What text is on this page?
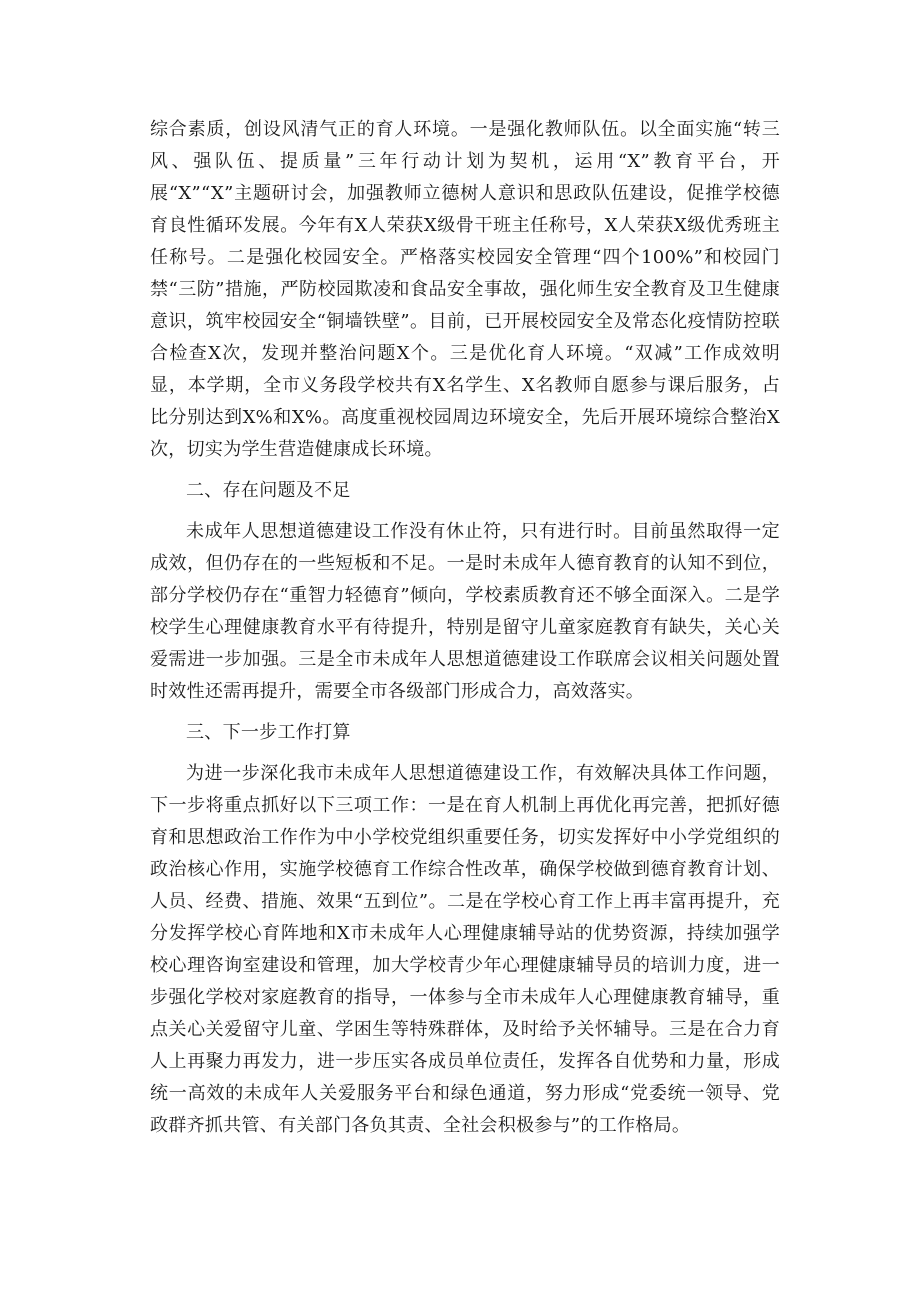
综合素质，创设风清气正的育人环境。一是强化教师队伍。以全面实施“转三风、强队伍、提质量”三年行动计划为契机，运用“X”教育平台，开展“X”“X”主题研讨会，加强教师立德树人意识和思政队伍建设，促推学校德育良性循环发展。今年有X人荣获X级骨干班主任称号，X人荣获X级优秀班主任称号。二是强化校园安全。严格落实校园安全管理“四个100%”和校园门禁“三防”措施，严防校园欺凌和食品安全事故，强化师生安全教育及卫生健康意识，筑牢校园安全“铜墙铁壁”。目前，已开展校园安全及常态化疫情防控联合检查X次，发现并整治问题X个。三是优化育人环境。“双减”工作成效明显，本学期，全市义务段学校共有X名学生、X名教师自愿参与课后服务，占比分别达到X%和X%。高度重视校园周边环境安全，先后开展环境综合整治X次，切实为学生营造健康成长环境。

二、存在问题及不足

未成年人思想道德建设工作没有休止符，只有进行时。目前虽然取得一定成效，但仍存在的一些短板和不足。一是时未成年人德育教育的认知不到位，部分学校仍存在“重智力轻德育”倾向，学校素质教育还不够全面深入。二是学校学生心理健康教育水平有待提升，特别是留守儿童家庭教育有缺失，关心关爱需进一步加强。三是全市未成年人思想道德建设工作联席会议相关问题处置时效性还需再提升，需要全市各级部门形成合力，高效落实。

三、下一步工作打算

为进一步深化我市未成年人思想道德建设工作，有效解决具体工作问题，下一步将重点抓好以下三项工作：一是在育人机制上再优化再完善，把抓好德育和思想政治工作作为中小学校党组织重要任务，切实发挥好中小学党组织的政治核心作用，实施学校德育工作综合性改革，确保学校做到德育教育计划、人员、经费、措施、效果“五到位”。二是在学校心育工作上再丰富再提升，充分发挥学校心育阵地和X市未成年人心理健康辅导站的优势资源，持续加强学校心理咨询室建设和管理，加大学校青少年心理健康辅导员的培训力度，进一步强化学校对家庭教育的指导，一体参与全市未成年人心理健康教育辅导，重点关心关爱留守儿童、学困生等特殊群体，及时给予关怀辅导。三是在合力育人上再聚力再发力，进一步压实各成员单位责任，发挥各自优势和力量，形成统一高效的未成年人关爱服务平台和绿色通道，努力形成“党委统一领导、党政群齐抓共管、有关部门各负其责、全社会积极参与”的工作格局。
